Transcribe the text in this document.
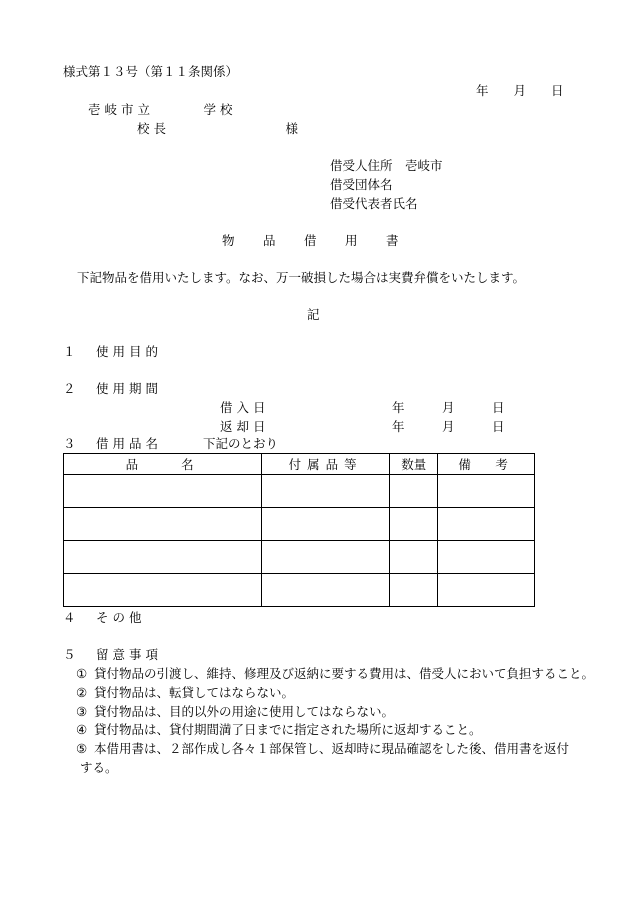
様式第１３号（第１１条関係）
年　　月　　日
壱岐市立　　　学校
校長　　　　　　　様
借受人住所　壱岐市
借受団体名
借受代表者氏名
物　品　借　用　書
下記物品を借用いたします。なお、万一破損した場合は実費弁償をいたします。
記
１　使用目的
２　使用期間
借入日	年　　　月　　　日
返却日	年　　　月　　　日
３　借用品名	下記のとおり
品　　名	付属品等	数量	備　考

４　その他
５　留意事項
① 貸付物品の引渡し、維持、修理及び返納に要する費用は、借受人において負担すること。
② 貸付物品は、転貸してはならない。
③ 貸付物品は、目的以外の用途に使用してはならない。
④ 貸付物品は、貸付期間満了日までに指定された場所に返却すること。
⑤ 本借用書は、２部作成し各々１部保管し、返却時に現品確認をした後、借用書を返付
する。
